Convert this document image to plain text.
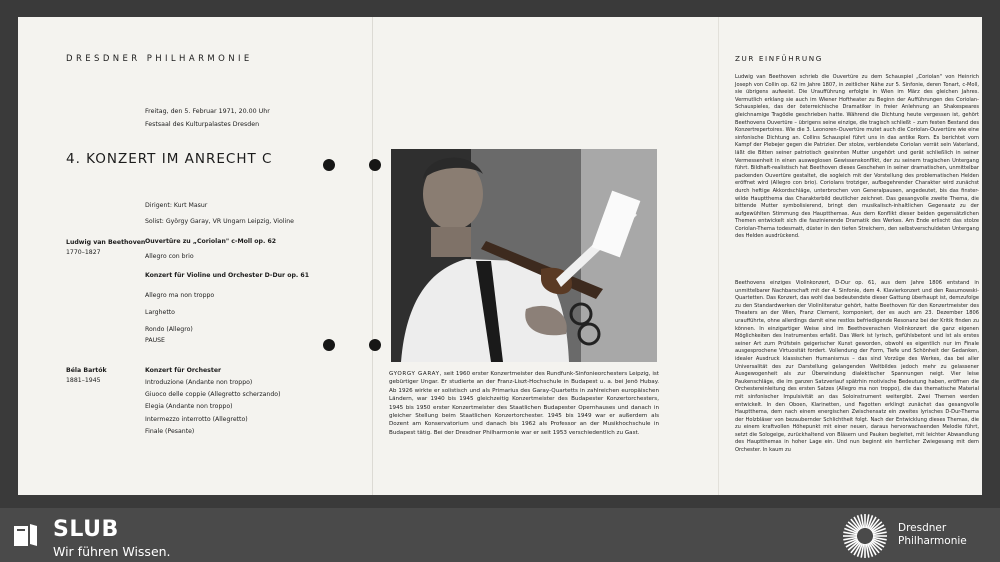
DRESDNER PHILHARMONIE
Freitag, den 5. Februar 1971, 20.00 Uhr
Festsaal des Kulturpalastes Dresden
4. KONZERT IM ANRECHT C
Dirigent: Kurt Masur
Solist: György Garay, VR Ungarn Leipzig, Violine
Ludwig van Beethoven
1770–1827
Ouvertüre zu „Coriolan" c-Moll op. 62
Allegro con brio
Konzert für Violine und Orchester D-Dur op. 61
Allegro ma non troppo
Larghetto
Rondo (Allegro)
PAUSE
Béla Bartók
1881–1945
Konzert für Orchester
Introduzione (Andante non troppo)
Giuoco delle coppie (Allegretto scherzando)
Elegia (Andante non troppo)
Intermezzo interrotto (Allegretto)
Finale (Pesante)
GYORGY GARAY, seit 1960 erster Konzertmeister des Rundfunk-Sinfonieorchesters Leipzig, ist gebürtiger Ungar. Er studierte an der Franz-Liszt-Hochschule in Budapest u. a. bei Jenö Hubay. Ab 1926 wirkte er solistisch und als Primarius des Garay-Quartetts in zahlreichen europäischen Ländern, war 1940 bis 1945 gleichzeitig Konzertmeister des Budapester Konzertorchesters, 1945 bis 1950 erster Konzertmeister des Staatlichen Budapester Opernhauses und danach in gleicher Stellung beim Staatlichen Konzertorchester. 1945 bis 1949 war er außerdem als Dozent am Konservatorium und danach bis 1962 als Professor an der Musikhochschule in Budapest tätig. Bei der Dresdner Philharmonie war er seit 1953 verschiedentlich zu Gast.
ZUR EINFÜHRUNG
Ludwig van Beethoven schrieb die Ouvertüre zu dem Schauspiel „Coriolan" von Heinrich Joseph von Collin op. 62 im Jahre 1807, in zeitlicher Nähe zur 5. Sinfonie, deren Tonart, c-Moll, sie übrigens aufweist. Die Uraufführung erfolgte in Wien im März des gleichen Jahres. Vermutlich erklang sie auch im Wiener Hoftheater zu Beginn der Aufführungen des Coriolan-Schauspieles, das der österreichische Dramatiker in freier Anlehnung an Shakespeares gleichnamige Tragödie geschrieben hatte. Während die Dichtung heute vergessen ist, gehört Beethovens Ouvertüre – übrigens seine einzige, die tragisch schließt – zum festen Bestand des Konzertrepertoires. Wie die 3. Leonoren-Ouvertüre mutet auch die Coriolan-Ouvertüre wie eine sinfonische Dichtung an. Collins Schauspiel führt uns in das antike Rom. Es berichtet vom Kampf der Plebejer gegen die Patrizier. Der stolze, verblendete Coriolan verrät sein Vaterland, läßt die Bitten seiner patriotisch gesinnten Mutter ungehört und gerät schließlich in seiner Vermessenheit in einen ausweglosen Gewissenskonflikt, der zu seinem tragischen Untergang führt. Bildhaft-realistisch hat Beethoven dieses Geschehen in seiner dramatischen, unmittelbar packenden Ouvertüre gestaltet, die sogleich mit der Vorstellung des problematischen Helden eröffnet wird (Allegro con brio). Coriolans trotziger, aufbegehrender Charakter wird zunächst durch heftige Akkordschläge, unterbrochen von Generalpausen, angedeutet, bis das finster-wilde Hauptthema das Charakterbild deutlicher zeichnet. Das gesangvolle zweite Thema, die bittende Mutter symbolisierend, bringt den musikalisch-inhaltlichen Gegensatz zu der aufgewühlten Stimmung des Hauptthemas. Aus dem Konflikt dieser beiden gegensätzlichen Themen entwickelt sich die faszinierende Dramatik des Werkes. Am Ende erlischt das stolze Coriolan-Thema todesmatt, düster in den tiefen Streichern, den selbstverschuldeten Untergang des Helden ausdrückend.
Beethovens einziges Violinkonzert, D-Dur op. 61, aus dem Jahre 1806 entstand in unmittelbarer Nachbarschaft mit der 4. Sinfonie, dem 4. Klavierkonzert und den Rasumowski-Quartetten. Das Konzert, das wohl das bedeutendste dieser Gattung überhaupt ist, demzufolge zu den Standardwerken der Violinliteratur gehört, hatte Beethoven für den Konzertmeister des Theaters an der Wien, Franz Clement, komponiert, der es auch am 23. Dezember 1806 uraufführte, ohne allerdings damit eine restlos befriedigende Resonanz bei der Kritik finden zu können. In einzigartiger Weise sind im Beethovenschen Violinkonzert die ganz eigenen Möglichkeiten des Instrumentes erfaßt. Das Werk ist lyrisch, gefühlsbetont und ist als erstes seiner Art zum Prüfstein geigerischer Kunst geworden, obwohl es eigentlich nur im Finale ausgesprochene Virtuosität fordert. Vollendung der Form, Tiefe und Schönheit der Gedanken, idealer Ausdruck klassischen Humanismus – das sind Vorzüge des Werkes, das bei aller Universalität des zur Darstellung gelangenden Weltbildes jedoch mehr zu gelassener Ausgewogenheit als zur Überwindung dialektischer Spannungen neigt. Vier leise Paukenschläge, die im ganzen Satzverlauf spätrhin motivische Bedeutung haben, eröffnen die Orchestereinleitung des ersten Satzes (Allegro ma non troppo), die das thematische Material mit sinfonischer Impulsivität an das Soloinstrument weitergibt. Zwei Themen werden entwickelt. In den Oboen, Klarinetten, und Fagotten erklingt zunächst das gesangvolle Hauptthema, dem nach einem energischen Zwischensatz ein zweites lyrisches D-Dur-Thema der Holzbläser von bezaubernder Schlichtheit folgt. Nach der Entwicklung dieses Themas, die zu einem kraftvollen Höhepunkt mit einer neuen, daraus hervorwachsenden Melodie führt, setzt die Sologeige, zurückhaltend von Bläsern und Pauken begleitet, mit leichter Abwandlung des Hauptthemas in hoher Lage ein. Und nun beginnt ein herrlicher Zwiegesang mit dem Orchester. In kaum zu
SLUB
Wir führen Wissen.
Dresdner
Philharmonie
